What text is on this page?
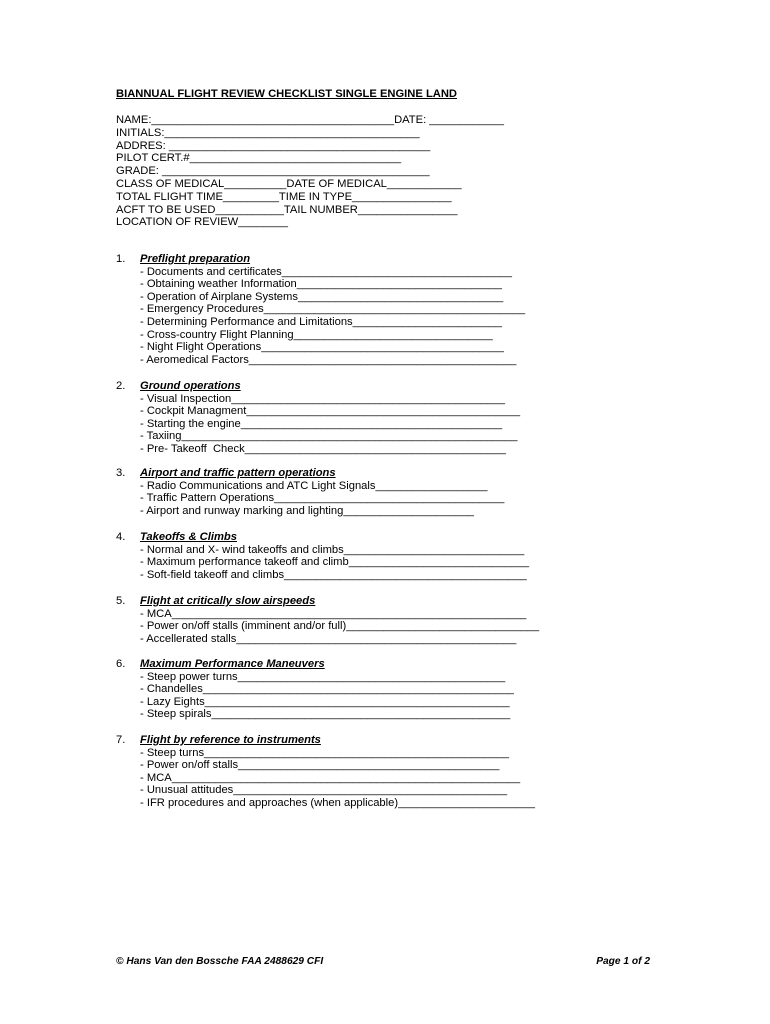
BIANNUAL FLIGHT REVIEW CHECKLIST SINGLE ENGINE LAND
NAME:_______________________________________DATE: ____________
INITIALS:_________________________________________
ADDRES: __________________________________________
PILOT CERT.#__________________________________
GRADE: ___________________________________________
CLASS OF MEDICAL__________DATE OF MEDICAL____________
TOTAL FLIGHT TIME_________TIME IN TYPE________________
ACFT TO BE USED___________TAIL NUMBER________________
LOCATION OF REVIEW________
1. Preflight preparation
- Documents and certificates_____________________________________
- Obtaining weather Information_________________________________
- Operation of Airplane Systems_________________________________
- Emergency Procedures__________________________________________
- Determining Performance and Limitations________________________
- Cross-country Flight Planning________________________________
- Night Flight Operations_______________________________________
- Aeromedical Factors___________________________________________
2. Ground operations
- Visual Inspection____________________________________________
- Cockpit Managment____________________________________________
- Starting the engine__________________________________________
- Taxiing______________________________________________________
- Pre- Takeoff  Check__________________________________________
3. Airport and traffic pattern operations
- Radio Communications and ATC Light Signals__________________
- Traffic Pattern Operations_____________________________________
- Airport and runway marking and lighting_____________________
4. Takeoffs & Climbs
- Normal and X- wind takeoffs and climbs_____________________________
- Maximum performance takeoff and climb_____________________________
- Soft-field takeoff and climbs_______________________________________
5. Flight at critically slow airspeeds
- MCA_________________________________________________________
- Power on/off stalls (imminent and/or full)_______________________________
- Accellerated stalls_____________________________________________
6. Maximum Performance Maneuvers
- Steep power turns___________________________________________
- Chandelles__________________________________________________
- Lazy Eights_________________________________________________
- Steep spirals________________________________________________
7. Flight by reference to instruments
- Steep turns_________________________________________________
- Power on/off stalls__________________________________________
- MCA________________________________________________________
- Unusual attitudes____________________________________________
- IFR procedures and approaches (when applicable)______________________
© Hans Van den Bossche FAA 2488629 CFI	Page 1 of 2
